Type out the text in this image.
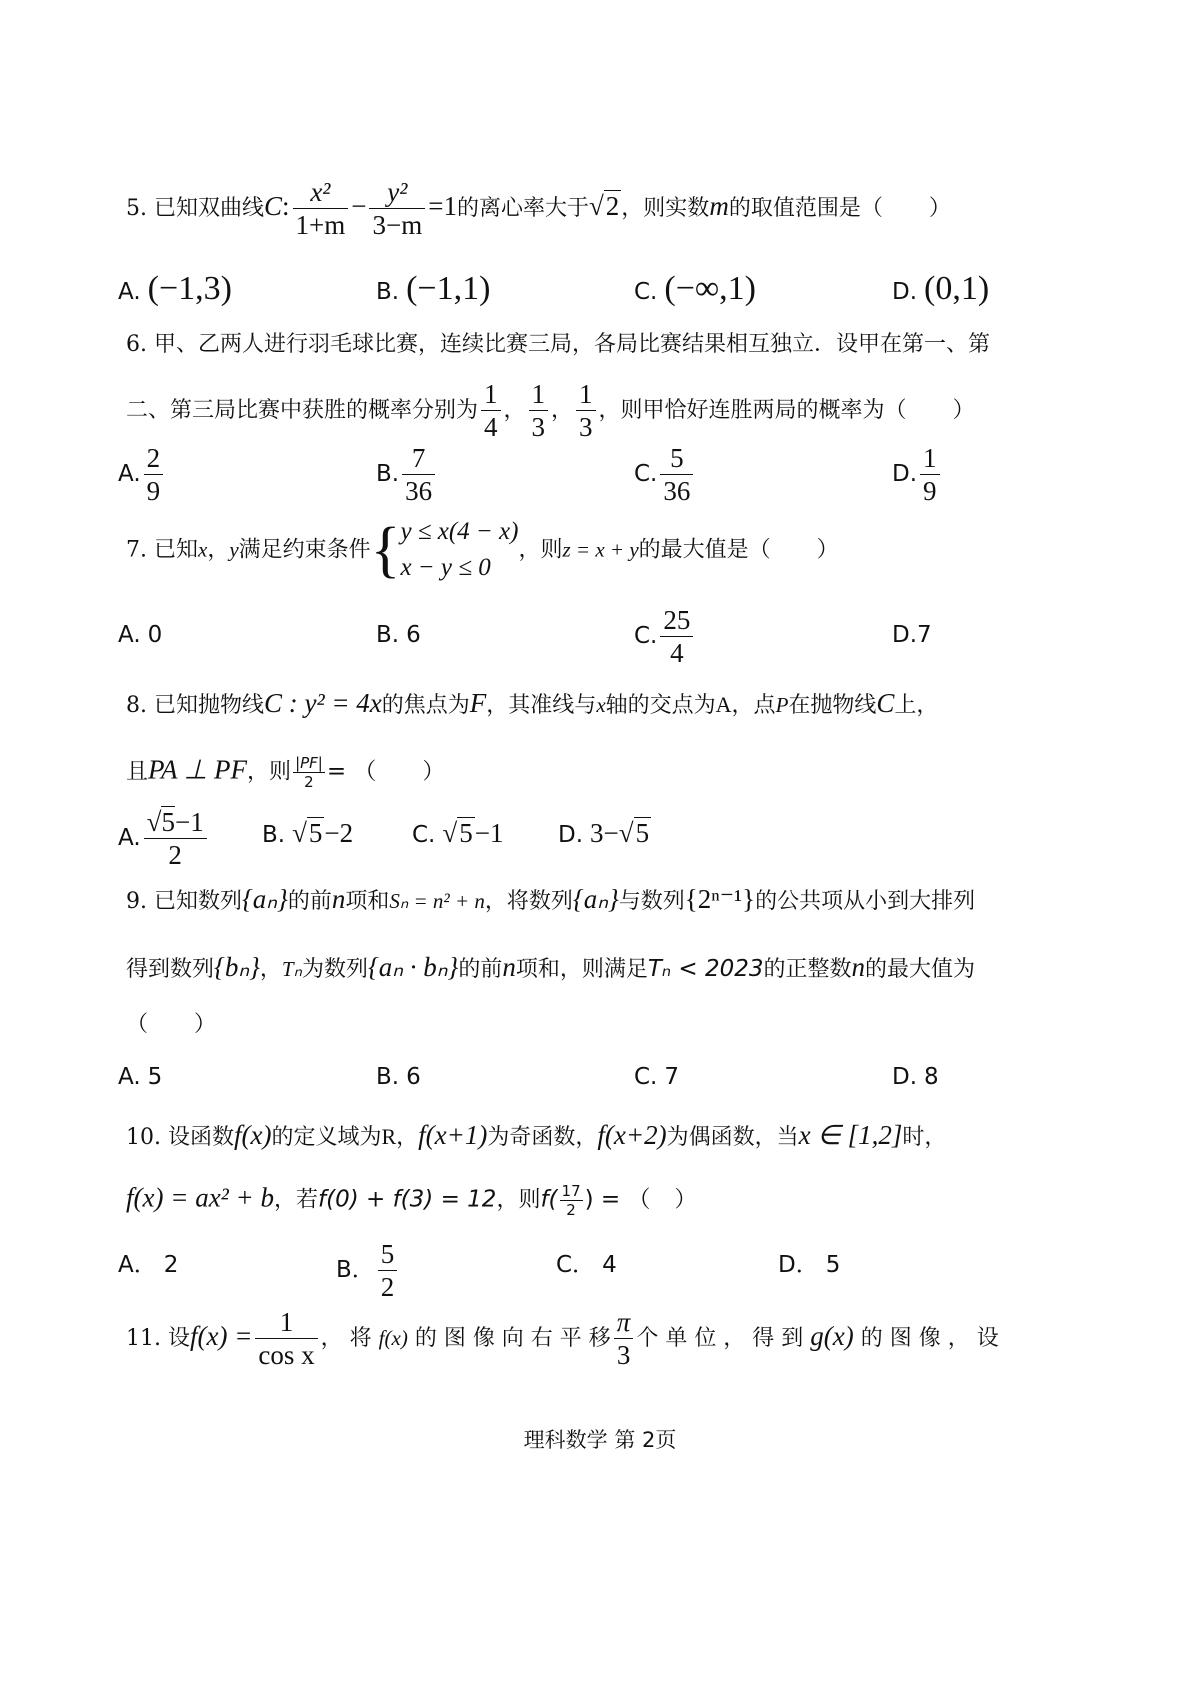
5. 已知双曲线C: $\frac{\text{x²}}{1+m} - \frac{\text{y²}}{3-m} =1$的离心率大于√2，则实数m的取值范围是（ ）
A. (−1,3)	B. (−1,1)	C. (−∞,1)	D. (0,1)
6. 甲、乙两人进行羽毛球比赛，连续比赛三局，各局比赛结果相互独立．设甲在第一、第
二、第三局比赛中获胜的概率分别为 $\frac{1}{4}$ ， $\frac{1}{3}$ ， $\frac{1}{3}$ ，则甲恰好连胜两局的概率为（ ）
A. $\frac{2}{9}$	B. $\frac{7}{36}$	C. $\frac{5}{36}$	D. $\frac{1}{9}$
7. 已知x，y满足约束条件{ y ≤ x(4 − x)
x − y ≤ 0
，则z = x + y的最大值是（ ）
A. 0	B. 6	C. $\frac{25}{4}$	D.7
8. 已知抛物线C : y² = 4x的焦点为F，其准线与x轴的交点为A，点P在抛物线C上，
且PA ⊥ PF，则 $\frac{|PF|}{2}$ = （ ）
A. $\frac{√5-1}{2} B$. √5−2	C. √5−1 D. 3−√5
9. 已知数列{aₙ}的前n项和Sₙ = n² + n，将数列{aₙ}与数列{2ⁿ⁻¹}的公共项从小到大排列
得到数列{bₙ}，Tₙ为数列{aₙ · bₙ}的前n项和，则满足Tₙ < 2023的正整数n的最大值为
（ ）
A. 5	B. 6	C. 7	D. 8
10. 设函数f(x)的定义域为R，f(x+1)为奇函数，f(x+2)为偶函数，当x ∈ [1,2]时，
f(x) = ax² + b，若f(0) + f(3) = 12，则$f( \frac{17}{2}$ ) = （ ）
A． 2	B． $\frac{5}{2}$	C． 4	D． 5
11. 设$f(x) = \frac{1}{\text{cos x}}$ ， 将 f(x) 的 图 像 向 右 平 移 $\frac{\pi}{3}$ 个 单 位 ， 得 到 g(x) 的 图 像 ， 设
理科数学 第 2页
